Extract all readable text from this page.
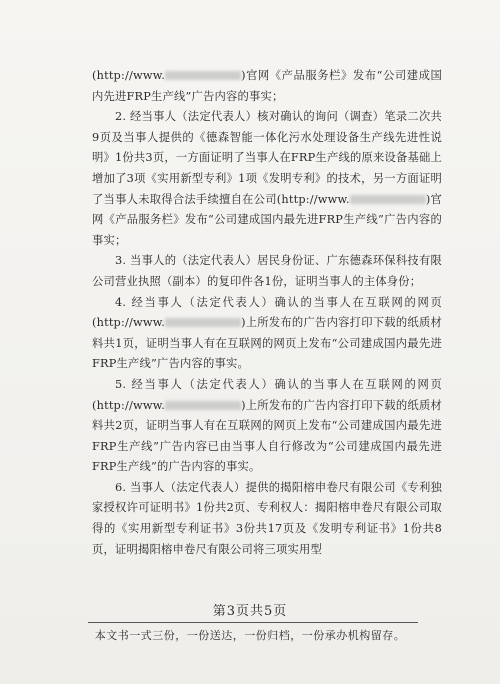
(http://www.	)官网《产品服务栏》发布“公司建成国内先进FRP生产线”广告内容的事实；

2. 经当事人（法定代表人）核对确认的询问（调查）笔录二次共9页及当事人提供的《德森智能一体化污水处理设备生产线先进性说明》1份共3页，一方面证明了当事人在FRP生产线的原来设备基础上增加了3项《实用新型专利》1项《发明专利》的技术，另一方面证明了当事人未取得合法手续擅自在公司(http://www.	)官网《产品服务栏》发布“公司建成国内最先进FRP生产线”广告内容的事实；

3. 当事人的（法定代表人）居民身份证、广东德森环保科技有限公司营业执照（副本）的复印件各1份，证明当事人的主体身份；

4. 经当事人（法定代表人）确认的当事人在互联网的网页(http://www.	)上所发布的广告内容打印下载的纸质材料共1页，证明当事人有在互联网的网页上发布“公司建成国内最先进FRP生产线”广告内容的事实。

5. 经当事人（法定代表人）确认的当事人在互联网的网页(http://www.	)上所发布的广告内容打印下载的纸质材料共2页，证明当事人有在互联网的网页上发布“公司建成国内最先进FRP生产线”广告内容已由当事人自行修改为“公司建成国内最先进FRP生产线”的广告内容的事实。

6. 当事人（法定代表人）提供的揭阳榕申卷尺有限公司《专利独家授权许可证明书》1份共2页、专利权人：揭阳榕申卷尺有限公司取得的《实用新型专利证书》3份共17页及《发明专利证书》1份共8页，证明揭阳榕申卷尺有限公司将三项实用型

第3页共5页
本文书一式三份，一份送达，一份归档，一份承办机构留存。
